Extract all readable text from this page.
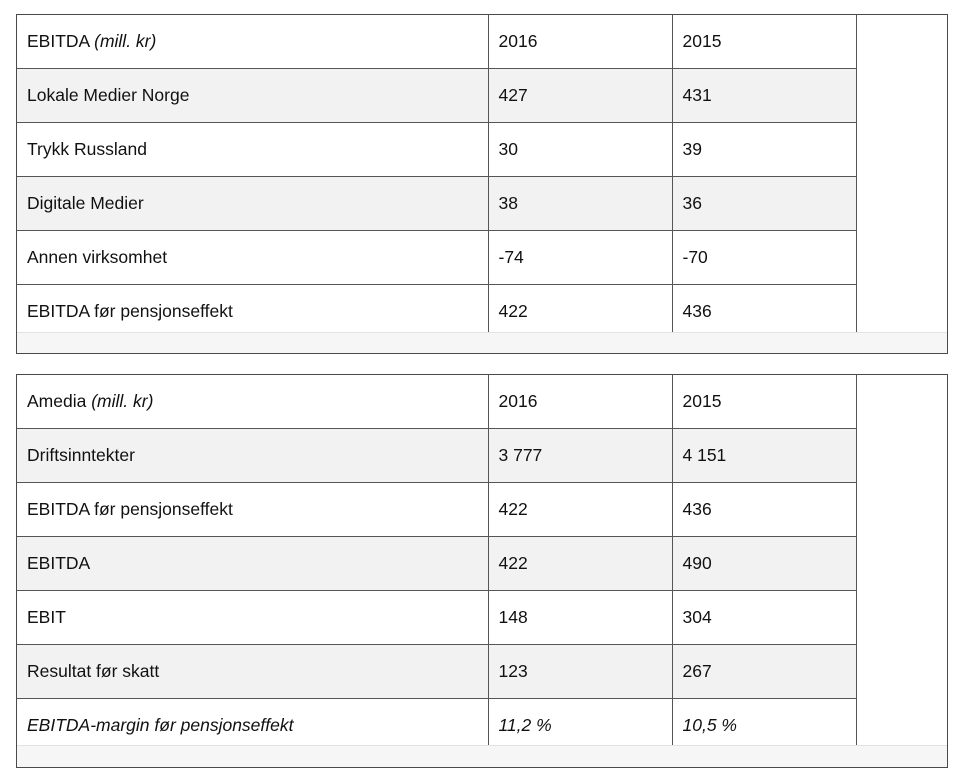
EBITDA (mill. kr)	2016	2015
Lokale Medier Norge	427	431
Trykk Russland	30	39
Digitale Medier	38	36
Annen virksomhet	-74	-70
EBITDA før pensjonseffekt	422	436
Amedia (mill. kr)	2016	2015
Driftsinntekter	3 777	4 151
EBITDA før pensjonseffekt	422	436
EBITDA	422	490
EBIT	148	304
Resultat før skatt	123	267
EBITDA-margin før pensjonseffekt	11,2 %	10,5 %
